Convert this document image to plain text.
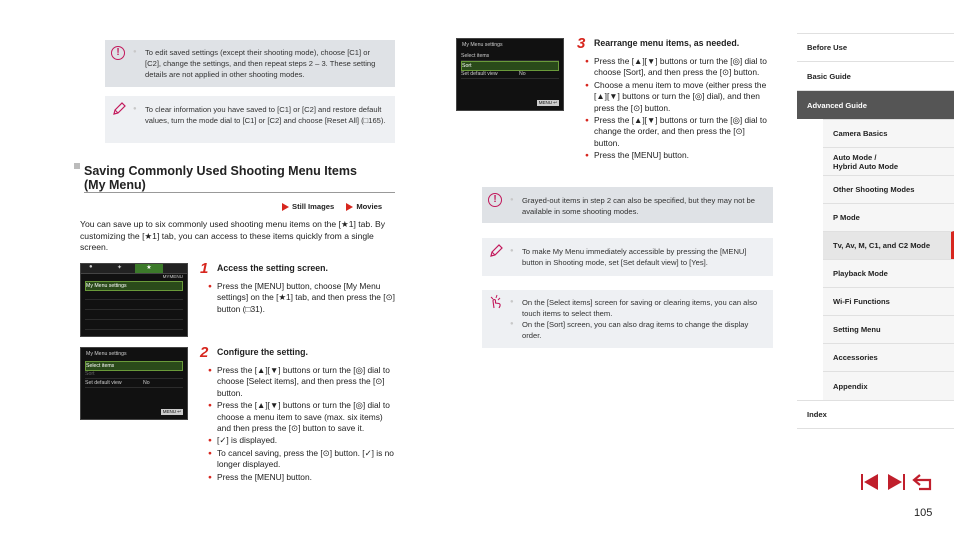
!	● To edit saved settings (except their shooting mode), choose [C1] or [C2], change the settings, and then repeat steps 2 – 3. These setting details are not applied in other shooting modes.
● To clear information you have saved to [C1] or [C2] and restore default values, turn the mode dial to [C1] or [C2] and choose [Reset All] (□165).
Saving Commonly Used Shooting Menu Items
(My Menu)
Still Images	Movies
You can save up to six commonly used shooting menu items on the [★1] tab. By customizing the [★1] tab, you can access to these items quickly from a single screen.
●	✦	★
MYMENU
My Menu settings
1 Access the setting screen.
● Press the [MENU] button, choose [My Menu settings] on the [★1] tab, and then press the [⊙] button (□31).
My Menu settings
Select items
Sort
Set default view	No
MENU ↩
2 Configure the setting.
● Press the [▲][▼] buttons or turn the [◎] dial to choose [Select items], and then press the [⊙] button.
● Press the [▲][▼] buttons or turn the [◎] dial to choose a menu item to save (max. six items) and then press the [⊙] button to save it.
● [✓] is displayed.
● To cancel saving, press the [⊙] button. [✓] is no longer displayed.
● Press the [MENU] button.
My Menu settings
Select items
Sort
Set default view	No
MENU ↩
3 Rearrange menu items, as needed.
● Press the [▲][▼] buttons or turn the [◎] dial to choose [Sort], and then press the [⊙] button.
● Choose a menu item to move (either press the [▲][▼] buttons or turn the [◎] dial), and then press the [⊙] button.
● Press the [▲][▼] buttons or turn the [◎] dial to change the order, and then press the [⊙] button.
● Press the [MENU] button.
!	● Grayed-out items in step 2 can also be specified, but they may not be available in some shooting modes.
● To make My Menu immediately accessible by pressing the [MENU] button in Shooting mode, set [Set default view] to [Yes].
● On the [Select items] screen for saving or clearing items, you can also touch items to select them.
● On the [Sort] screen, you can also drag items to change the display order.
Before Use
Basic Guide
Advanced Guide
Camera Basics
Auto Mode /
Hybrid Auto Mode
Other Shooting Modes
P Mode
Tv, Av, M, C1, and C2 Mode
Playback Mode
Wi-Fi Functions
Setting Menu
Accessories
Appendix
Index
105
